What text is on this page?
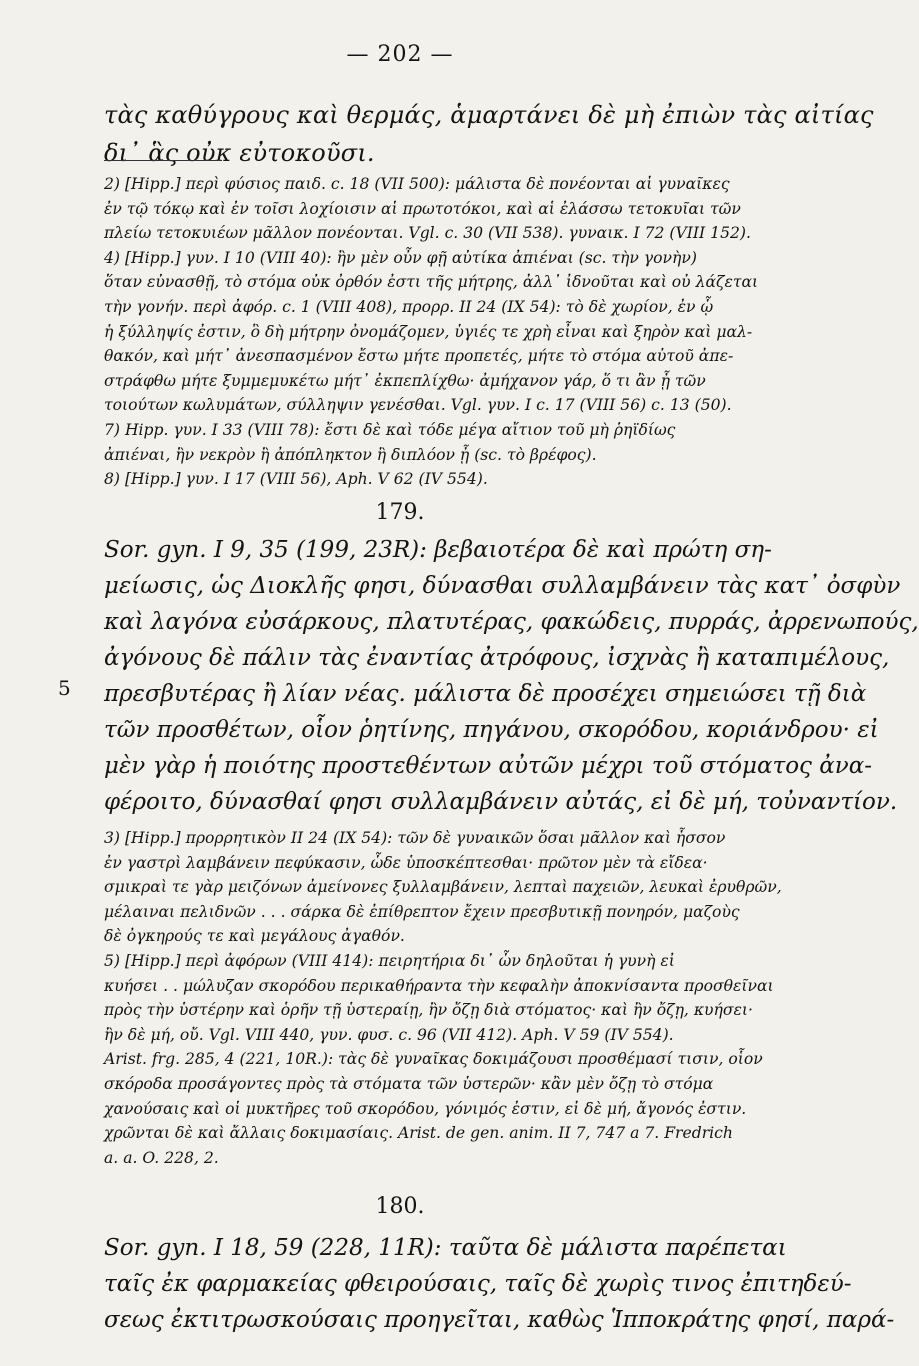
— 202 —
τὰς καθύγρους καὶ θερμάς, ἁμαρτάνει δὲ μὴ ἐπιὼν τὰς αἰτίας
δι᾿ ἃς οὐκ εὐτοκοῦσι.
2) [Hipp.] περὶ φύσιος παιδ. c. 18 (VII 500): μάλιστα δὲ πονέονται αἱ γυναῖκες
ἐν τῷ τόκῳ καὶ ἐν τοῖσι λοχίοισιν αἱ πρωτοτόκοι, καὶ αἱ ἐλάσσω τετοκυῖαι τῶν
πλείω τετοκυιέων μᾶλλον πονέονται. Vgl. c. 30 (VII 538). γυναικ. I 72 (VIII 152).
4) [Hipp.] γυν. I 10 (VIII 40): ἢν μὲν οὖν φῇ αὐτίκα ἀπιέναι (sc. τὴν γονὴν)
ὅταν εὐνασθῇ, τὸ στόμα οὐκ ὀρθόν ἐστι τῆς μήτρης, ἀλλ᾿ ἰδνοῦται καὶ οὐ λάζεται
τὴν γονήν. περὶ ἀφόρ. c. 1 (VIII 408), προρρ. II 24 (IX 54): τὸ δὲ χωρίον, ἐν ᾧ
ἡ ξύλληψίς ἐστιν, ὃ δὴ μήτρην ὀνομάζομεν, ὑγιές τε χρὴ εἶναι καὶ ξηρὸν καὶ μαλ-
θακόν, καὶ μήτ᾿ ἀνεσπασμένον ἔστω μήτε προπετές, μήτε τὸ στόμα αὐτοῦ ἀπε-
στράφθω μήτε ξυμμεμυκέτω μήτ᾿ ἐκπεπλίχθω· ἀμήχανον γάρ, ὅ τι ἂν ᾖ τῶν
τοιούτων κωλυμάτων, σύλληψιν γενέσθαι. Vgl. γυν. I c. 17 (VIII 56) c. 13 (50).
7) Hipp. γυν. I 33 (VIII 78): ἔστι δὲ καὶ τόδε μέγα αἴτιον τοῦ μὴ ῥηϊδίως
ἀπιέναι, ἢν νεκρὸν ἢ ἀπόπληκτον ἢ διπλόον ᾖ (sc. τὸ βρέφος).
8) [Hipp.] γυν. I 17 (VIII 56), Aph. V 62 (IV 554).
179.
Sor. gyn. I 9, 35 (199, 23R): βεβαιοτέρα δὲ καὶ πρώτη ση-
μείωσις, ὡς Διοκλῆς φησι, δύνασθαι συλλαμβάνειν τὰς κατ᾿ ὀσφὺν
καὶ λαγόνα εὐσάρκους, πλατυτέρας, φακώδεις, πυρράς, ἀρρενωπούς,
ἀγόνους δὲ πάλιν τὰς ἐναντίας ἀτρόφους, ἰσχνὰς ἢ καταπιμέλους,
πρεσβυτέρας ἢ λίαν νέας. μάλιστα δὲ προσέχει σημειώσει τῇ διὰ
τῶν προσθέτων, οἷον ῥητίνης, πηγάνου, σκορόδου, κοριάνδρου· εἰ
μὲν γὰρ ἡ ποιότης προστεθέντων αὐτῶν μέχρι τοῦ στόματος ἀνα-
φέροιτο, δύνασθαί φησι συλλαμβάνειν αὐτάς, εἰ δὲ μή, τοὐναντίον.
5
3) [Hipp.] προρρητικὸν II 24 (IX 54): τῶν δὲ γυναικῶν ὅσαι μᾶλλον καὶ ἧσσον
ἐν γαστρὶ λαμβάνειν πεφύκασιν, ὧδε ὑποσκέπτεσθαι· πρῶτον μὲν τὰ εἴδεα·
σμικραὶ τε γὰρ μειζόνων ἀμείνονες ξυλλαμβάνειν, λεπταὶ παχειῶν, λευκαὶ ἐρυθρῶν,
μέλαιναι πελιδνῶν . . . σάρκα δὲ ἐπίθρεπτον ἔχειν πρεσβυτικῇ πονηρόν, μαζοὺς
δὲ ὀγκηρούς τε καὶ μεγάλους ἀγαθόν.
5) [Hipp.] περὶ ἀφόρων (VIII 414): πειρητήρια δι᾿ ὧν δηλοῦται ἡ γυνὴ εἰ
κυήσει . . μώλυζαν σκορόδου περικαθήραντα τὴν κεφαλὴν ἀποκνίσαντα προσθεῖναι
πρὸς τὴν ὑστέρην καὶ ὁρῆν τῇ ὑστεραίῃ, ἢν ὄζῃ διὰ στόματος· καὶ ἢν ὄζῃ, κυήσει·
ἢν δὲ μή, οὔ. Vgl. VIII 440, γυν. φυσ. c. 96 (VII 412). Aph. V 59 (IV 554).
Arist. frg. 285, 4 (221, 10R.): τὰς δὲ γυναῖκας δοκιμάζουσι προσθέμασί τισιν, οἷον
σκόροδα προσάγοντες πρὸς τὰ στόματα τῶν ὑστερῶν· κἂν μὲν ὄζῃ τὸ στόμα
χανούσαις καὶ οἱ μυκτῆρες τοῦ σκορόδου, γόνιμός ἐστιν, εἰ δὲ μή, ἄγονός ἐστιν.
χρῶνται δὲ καὶ ἄλλαις δοκιμασίαις. Arist. de gen. anim. II 7, 747 a 7. Fredrich
a. a. O. 228, 2.
180.
Sor. gyn. I 18, 59 (228, 11R): ταῦτα δὲ μάλιστα παρέπεται
ταῖς ἐκ φαρμακείας φθειρούσαις, ταῖς δὲ χωρὶς τινος ἐπιτηδεύ-
σεως ἐκτιτρωσκούσαις προηγεῖται, καθὼς Ἱπποκράτης φησί, παρά-
